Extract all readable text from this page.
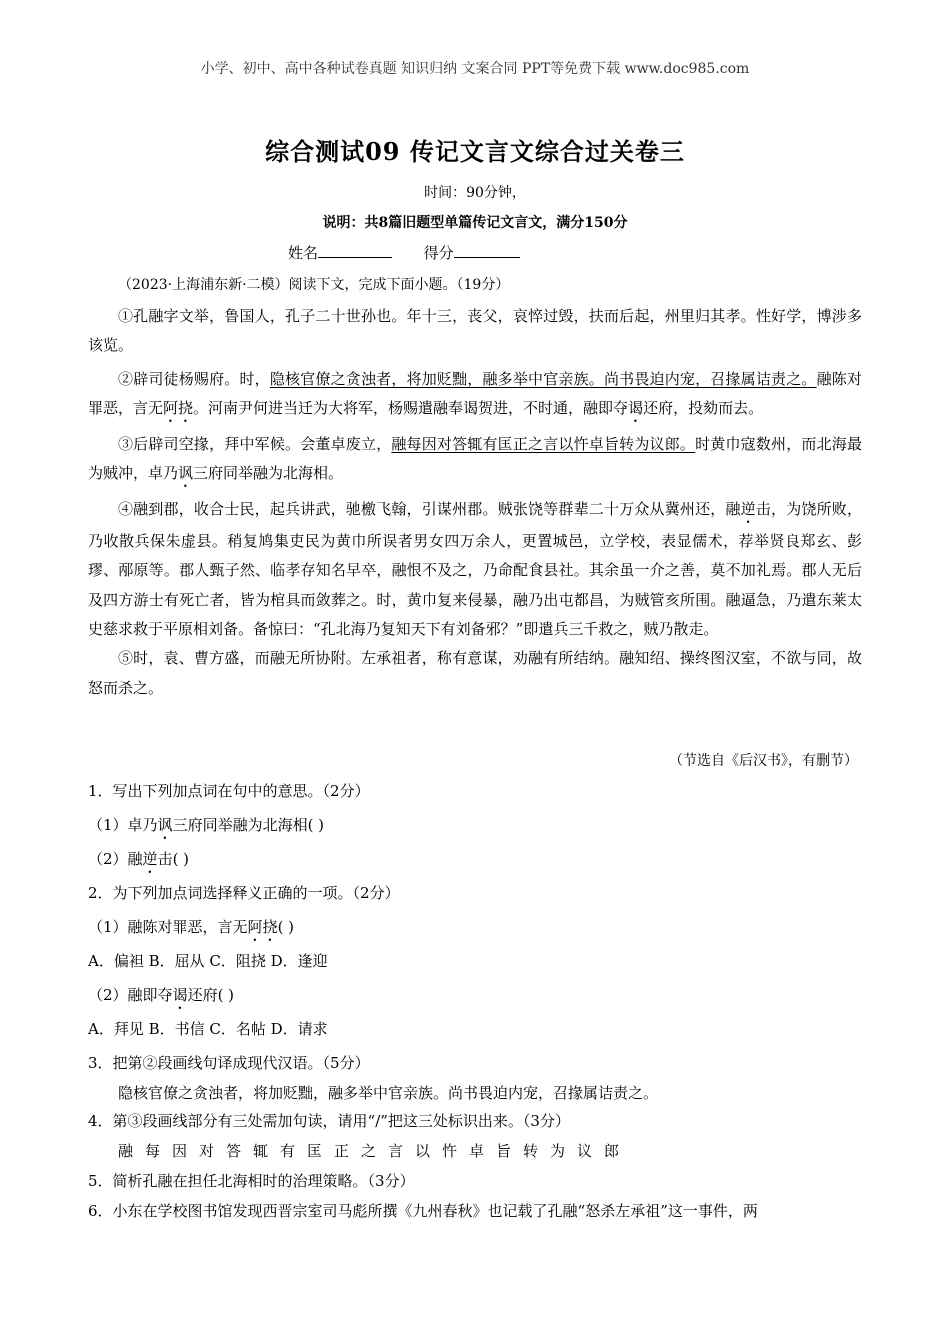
小学、初中、高中各种试卷真题 知识归纳 文案合同 PPT等免费下载 www.doc985.com
综合测试09 传记文言文综合过关卷三
时间：90分钟，
说明：共8篇旧题型单篇传记文言文，满分150分
姓名	得分
（2023·上海浦东新·二模）阅读下文，完成下面小题。（19分）

①孔融字文举，鲁国人，孔子二十世孙也。年十三，丧父，哀悴过毁，扶而后起，州里归其孝。性好学，博涉多该览。

②辟司徒杨赐府。时，隐核官僚之贪浊者，将加贬黜，融多举中官亲族。尚书畏迫内宠，召掾属诘责之。融陈对罪恶，言无阿挠。河南尹何进当迁为大将军，杨赐遣融奉谒贺进，不时通，融即夺谒还府，投劾而去。

③后辟司空掾，拜中军候。会董卓废立，融每因对答辄有匡正之言以忤卓旨转为议郎。时黄巾寇数州，而北海最为贼冲，卓乃讽三府同举融为北海相。

④融到郡，收合士民，起兵讲武，驰檄飞翰，引谋州郡。贼张饶等群辈二十万众从冀州还，融逆击，为饶所败，乃收散兵保朱虚县。稍复鸠集吏民为黄巾所误者男女四万余人，更置城邑，立学校，表显儒术，荐举贤良郑玄、彭璆、邴原等。郡人甄子然、临孝存知名早卒，融恨不及之，乃命配食县社。其余虽一介之善，莫不加礼焉。郡人无后及四方游士有死亡者，皆为棺具而敛葬之。时，黄巾复来侵暴，融乃出屯都昌，为贼管亥所围。融逼急，乃遣东莱太史慈求救于平原相刘备。备惊曰：“孔北海乃复知天下有刘备邪？”即遣兵三千救之，贼乃散走。

⑤时，袁、曹方盛，而融无所协附。左承祖者，称有意谋，劝融有所结纳。融知绍、操终图汉室，不欲与同，故怒而杀之。

（节选自《后汉书》，有删节）
1．写出下列加点词在句中的意思。（2分）
（1）卓乃讽三府同举融为北海相( )
（2）融逆击( )
2．为下列加点词选择释义正确的一项。（2分）
（1）融陈对罪恶，言无阿挠( )
A．偏袒 B．屈从 C．阻挠 D．逢迎
（2）融即夺谒还府( )
A．拜见 B．书信 C．名帖 D．请求
3．把第②段画线句译成现代汉语。（5分）
隐核官僚之贪浊者，将加贬黜，融多举中官亲族。尚书畏迫内宠，召掾属诘责之。
4．第③段画线部分有三处需加句读，请用“/”把这三处标识出来。（3分）
融每因对答辄有匡正之言以忤卓旨转为议郎
5．简析孔融在担任北海相时的治理策略。（3分）
6．小东在学校图书馆发现西晋宗室司马彪所撰《九州春秋》也记载了孔融“怒杀左承祖”这一事件，两
